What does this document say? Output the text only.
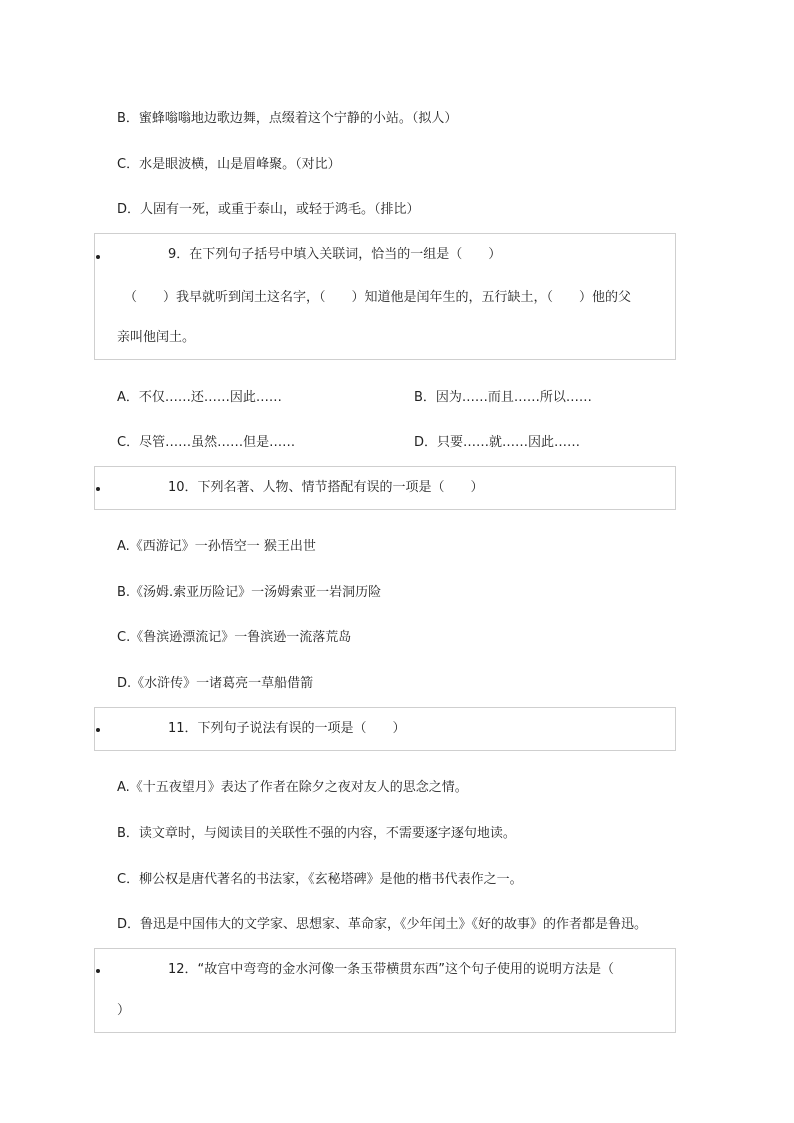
B．蜜蜂嗡嗡地边歌边舞，点缀着这个宁静的小站。（拟人）
C．水是眼波横，山是眉峰聚。（对比）
D．人固有一死，或重于泰山，或轻于鸿毛。（排比）
9．在下列句子括号中填入关联词，恰当的一组是（　　）
（　　）我早就听到闰土这名字，（　　）知道他是闰年生的，五行缺土，（　　）他的父
亲叫他闰土。
A．不仅……还……因此……	B．因为……而且……所以……
C．尽管……虽然……但是……	D．只要……就……因此……
10．下列名著、人物、情节搭配有误的一项是（　　）
A.《西游记》一孙悟空一 猴王出世
B.《汤姆.索亚历险记》一汤姆索亚一岩洞历险
C.《鲁滨逊漂流记》一鲁滨逊一流落荒岛
D.《水浒传》一诸葛亮一草船借箭
11．下列句子说法有误的一项是（　　）
A.《十五夜望月》表达了作者在除夕之夜对友人的思念之情。
B．读文章时，与阅读目的关联性不强的内容，不需要逐字逐句地读。
C．柳公权是唐代著名的书法家，《玄秘塔碑》是他的楷书代表作之一。
D．鲁迅是中国伟大的文学家、思想家、革命家，《少年闰土》《好的故事》的作者都是鲁迅。
12．“故宫中弯弯的金水河像一条玉带横贯东西”这个句子使用的说明方法是（
）
